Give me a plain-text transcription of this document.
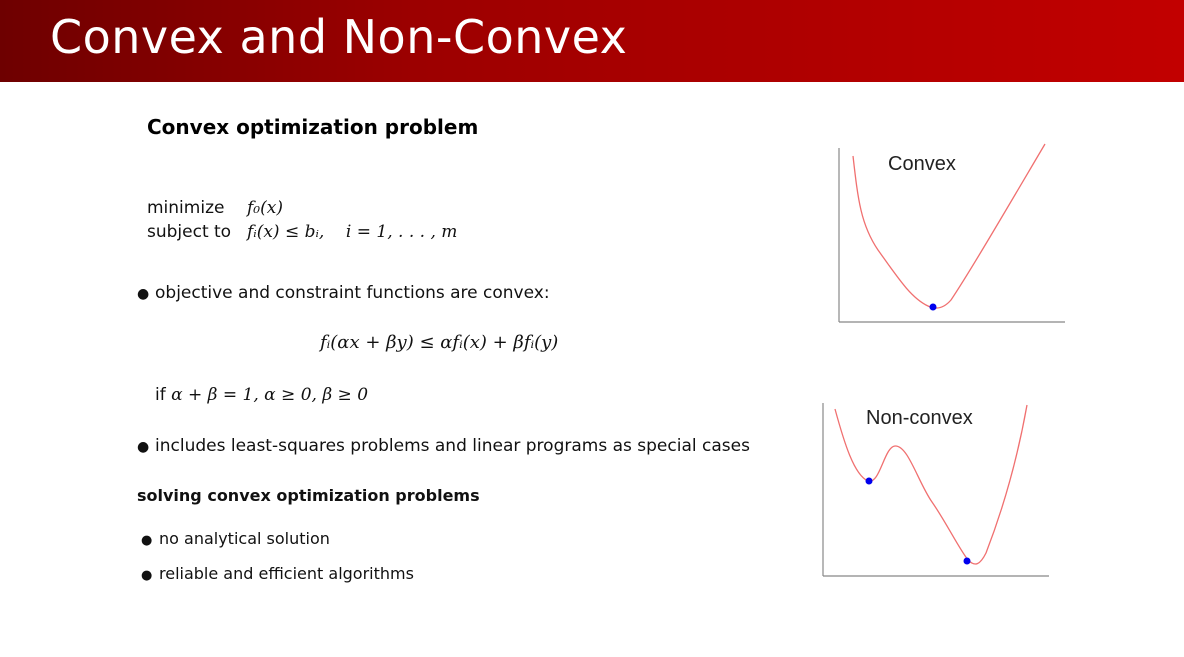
Convex and Non-Convex
Convex optimization problem
minimize	f₀(x)
subject to fᵢ(x) ≤ bᵢ,    i = 1, . . . , m
● objective and constraint functions are convex:
fᵢ(αx + βy) ≤ αfᵢ(x) + βfᵢ(y)
if α + β = 1, α ≥ 0, β ≥ 0
● includes least-squares problems and linear programs as special cases
solving convex optimization problems
● no analytical solution
● reliable and efficient algorithms
Convex
Non-convex
